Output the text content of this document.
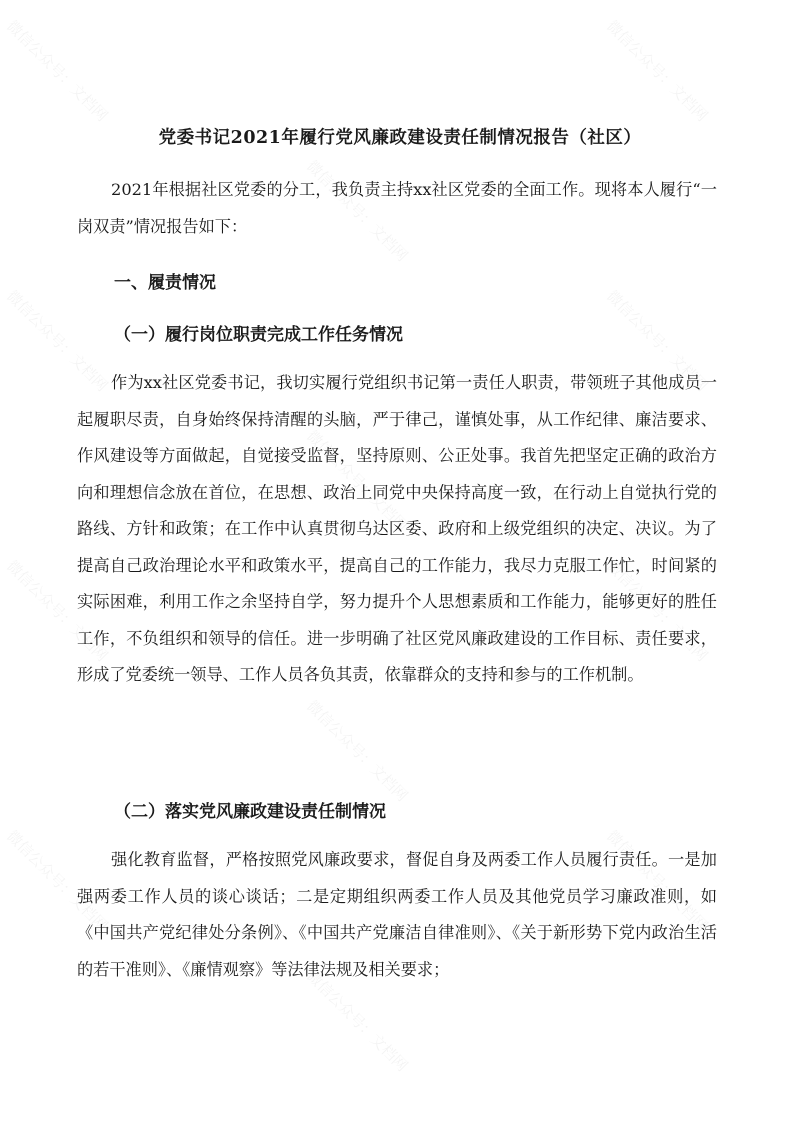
党委书记2021年履行党风廉政建设责任制情况报告（社区）
2021年根据社区党委的分工，我负责主持xx社区党委的全面工作。现将本人履行“一岗双责”情况报告如下：
一、履责情况
（一）履行岗位职责完成工作任务情况
作为xx社区党委书记，我切实履行党组织书记第一责任人职责，带领班子其他成员一起履职尽责，自身始终保持清醒的头脑，严于律己，谨慎处事，从工作纪律、廉洁要求、作风建设等方面做起，自觉接受监督，坚持原则、公正处事。我首先把坚定正确的政治方向和理想信念放在首位，在思想、政治上同党中央保持高度一致，在行动上自觉执行党的路线、方针和政策；在工作中认真贯彻乌达区委、政府和上级党组织的决定、决议。为了提高自己政治理论水平和政策水平，提高自己的工作能力，我尽力克服工作忙，时间紧的实际困难，利用工作之余坚持自学，努力提升个人思想素质和工作能力，能够更好的胜任工作，不负组织和领导的信任。进一步明确了社区党风廉政建设的工作目标、责任要求，形成了党委统一领导、工作人员各负其责，依靠群众的支持和参与的工作机制。
（二）落实党风廉政建设责任制情况
强化教育监督，严格按照党风廉政要求，督促自身及两委工作人员履行责任。一是加强两委工作人员的谈心谈话；二是定期组织两委工作人员及其他党员学习廉政准则，如《中国共产党纪律处分条例》、《中国共产党廉洁自律准则》、《关于新形势下党内政治生活的若干准则》、《廉情观察》等法律法规及相关要求；
